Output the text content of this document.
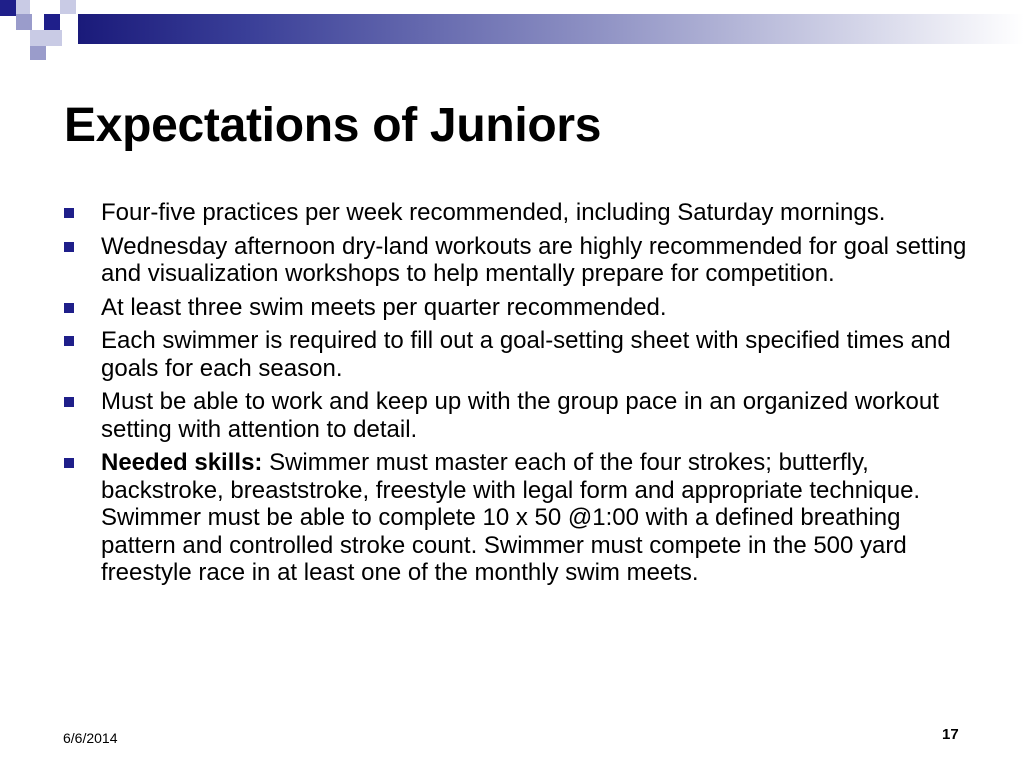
Expectations of Juniors
Four-five practices per week recommended, including Saturday mornings.
Wednesday afternoon dry-land workouts are highly recommended for goal setting and visualization workshops to help mentally prepare for competition.
At least three swim meets per quarter recommended.
Each swimmer is required to fill out a goal-setting sheet with specified times and goals for each season.
Must be able to work and keep up with the group pace in an organized workout setting with attention to detail.
Needed skills: Swimmer must master each of the four strokes; butterfly, backstroke, breaststroke, freestyle with legal form and appropriate technique. Swimmer must be able to complete 10 x 50 @1:00 with a defined breathing pattern and controlled stroke count. Swimmer must compete in the 500 yard freestyle race in at least one of the monthly swim meets.
6/6/2014	17
